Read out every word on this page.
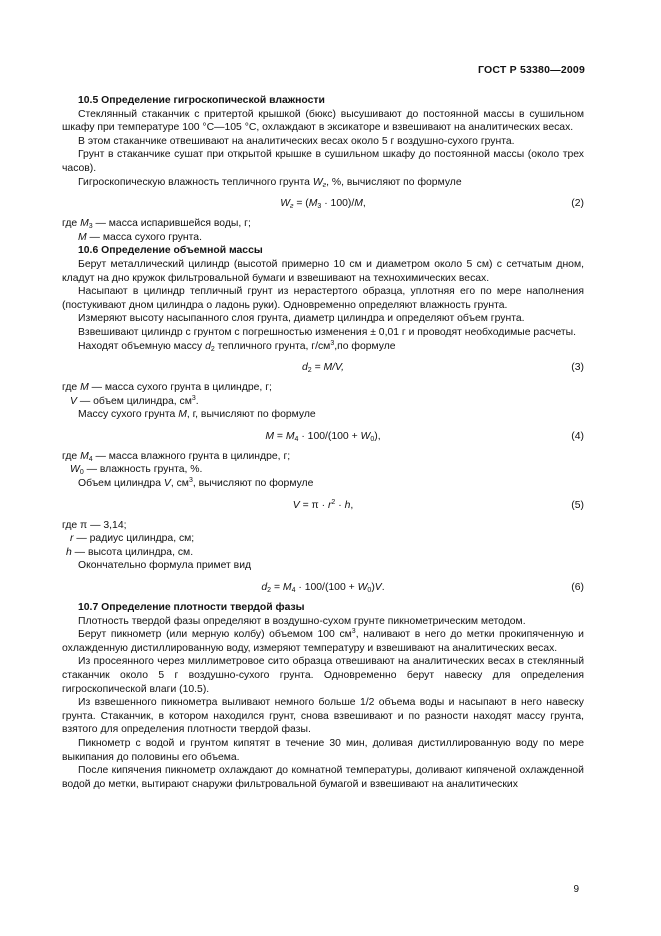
ГОСТ Р 53380—2009

10.5 Определение гигроскопической влажности

Стеклянный стаканчик с притертой крышкой (бюкс) высушивают до постоянной массы в сушильном шкафу при температуре 100 °C—105 °C, охлаждают в эксикаторе и взвешивают на аналитических весах.

В этом стаканчике отвешивают на аналитических весах около 5 г воздушно-сухого грунта.

Грунт в стаканчике сушат при открытой крышке в сушильном шкафу до постоянной массы (около трех часов).

Гигроскопическую влажность тепличного грунта $W_г$, %, вычисляют по формуле

$W_г = (M_3 \cdot 100)/M$,	(2)

где $M_3$ — масса испарившейся воды, г;

M — масса сухого грунта.

10.6 Определение объемной массы

Берут металлический цилиндр (высотой примерно 10 см и диаметром около 5 см) с сетчатым дном, кладут на дно кружок фильтровальной бумаги и взвешивают на технохимических весах.

Насыпают в цилиндр тепличный грунт из нерастертого образца, уплотняя его по мере наполнения (постукивают дном цилиндра о ладонь руки). Одновременно определяют влажность грунта.

Измеряют высоту насыпанного слоя грунта, диаметр цилиндра и определяют объем грунта.

Взвешивают цилиндр с грунтом с погрешностью изменения ± 0,01 г и проводят необходимые расчеты.

Находят объемную массу $d_2$ тепличного грунта, $г/см^3,по$ формуле

$d_2 = M/V$,	(3)

где M — масса сухого грунта в цилиндре, г;

V — объем цилиндра, $см^3$.

Массу сухого грунта M, г, вычисляют по формуле

$M = M_4 \cdot 100/(100 + W_0)$,	(4)

где $M_4$ — масса влажного грунта в цилиндре, г;

$W_0$ — влажность грунта, %.

Объем цилиндра V, $см^3$, вычисляют по формуле

$V = \pi \cdot r^2 \cdot h$,	(5)

где π — 3,14;

r — радиус цилиндра, см;

h — высота цилиндра, см.

Окончательно формула примет вид

$d_2 = M_4 \cdot 100/(100 + W_0)V$.	(6)

10.7 Определение плотности твердой фазы

Плотность твердой фазы определяют в воздушно-сухом грунте пикнометрическим методом.

Берут пикнометр (или мерную колбу) объемом 100 $см^3$, наливают в него до метки прокипяченную и охлажденную дистиллированную воду, измеряют температуру и взвешивают на аналитических весах.

Из просеянного через миллиметровое сито образца отвешивают на аналитических весах в стеклянный стаканчик около 5 г воздушно-сухого грунта. Одновременно берут навеску для определения гигроскопической влаги (10.5).

Из взвешенного пикнометра выливают немного больше 1/2 объема воды и насыпают в него навеску грунта. Стаканчик, в котором находился грунт, снова взвешивают и по разности находят массу грунта, взятого для определения плотности твердой фазы.

Пикнометр с водой и грунтом кипятят в течение 30 мин, доливая дистиллированную воду по мере выкипания до половины его объема.

После кипячения пикнометр охлаждают до комнатной температуры, доливают кипяченой охлажденной водой до метки, вытирают снаружи фильтровальной бумагой и взвешивают на аналитических

9
